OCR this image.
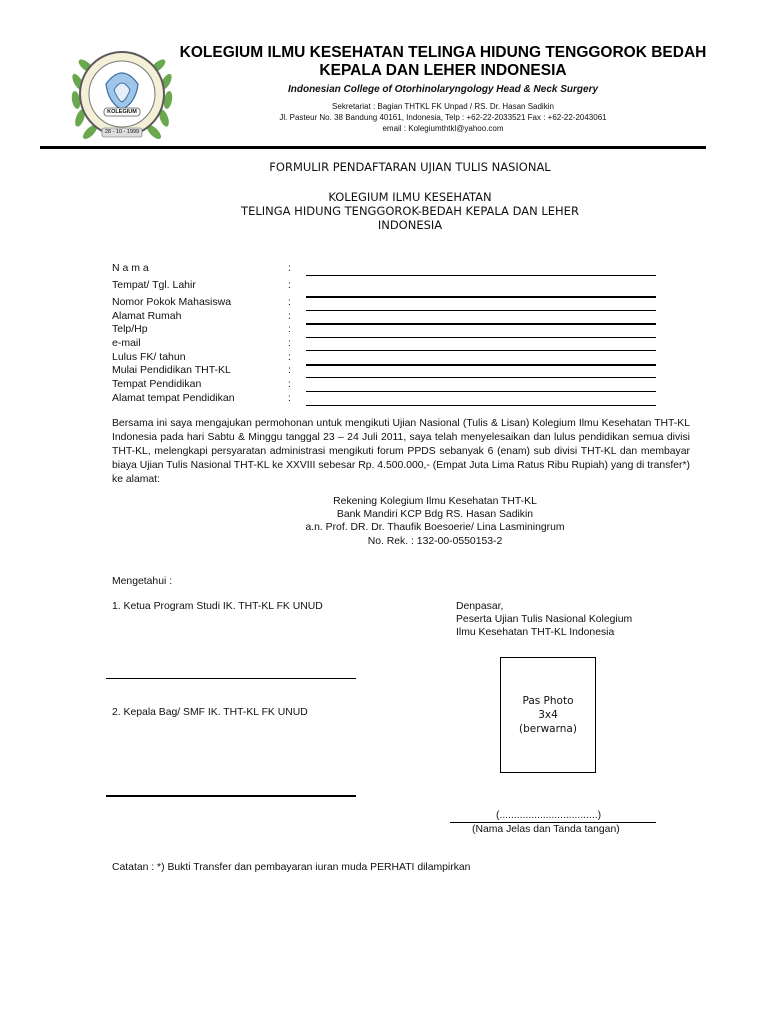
KOLEGIUM
28 - 10 - 1999
KOLEGIUM ILMU KESEHATAN TELINGA HIDUNG TENGGOROK BEDAH
KEPALA DAN LEHER INDONESIA
Indonesian College of Otorhinolaryngology Head & Neck Surgery
Sekretariat : Bagian THTKL FK Unpad / RS. Dr. Hasan Sadikin
Jl. Pasteur No. 38 Bandung 40161, Indonesia, Telp : +62-22-2033521 Fax : +62-22-2043061
email : Kolegiumthtkl@yahoo.com
FORMULIR PENDAFTARAN UJIAN TULIS NASIONAL
KOLEGIUM ILMU KESEHATAN
TELINGA HIDUNG TENGGOROK-BEDAH KEPALA DAN LEHER
INDONESIA
N a m a	:
Tempat/ Tgl. Lahir	:
Nomor Pokok Mahasiswa	:
Alamat Rumah	:
Telp/Hp	:
e-mail	:
Lulus FK/ tahun	:
Mulai Pendidikan THT-KL	:
Tempat Pendidikan	:
Alamat tempat Pendidikan	:
Bersama ini saya mengajukan permohonan untuk mengikuti Ujian Nasional (Tulis & Lisan) Kolegium Ilmu Kesehatan THT-KL Indonesia pada hari Sabtu & Minggu tanggal 23 – 24 Juli 2011, saya telah menyelesaikan dan lulus pendidikan semua divisi THT-KL, melengkapi persyaratan administrasi mengikuti forum PPDS sebanyak 6 (enam) sub divisi THT-KL dan membayar biaya Ujian Tulis Nasional THT-KL ke XXVIII sebesar Rp. 4.500.000,- (Empat Juta Lima Ratus Ribu Rupiah) yang di transfer*) ke alamat:
Rekening Kolegium Ilmu Kesehatan THT-KL
Bank Mandiri KCP Bdg RS. Hasan Sadikin
a.n. Prof. DR. Dr. Thaufik Boesoerie/ Lina Lasminingrum
No. Rek. : 132-00-0550153-2
Mengetahui :
1. Ketua Program Studi IK. THT-KL FK UNUD	Denpasar,
Peserta Ujian Tulis Nasional Kolegium
Ilmu Kesehatan THT-KL Indonesia
2. Kepala Bag/ SMF IK. THT-KL FK UNUD
Pas Photo
3x4
(berwarna)
(..................................)
(Nama Jelas dan Tanda tangan)
Catatan : *) Bukti Transfer dan pembayaran iuran muda PERHATI dilampirkan
